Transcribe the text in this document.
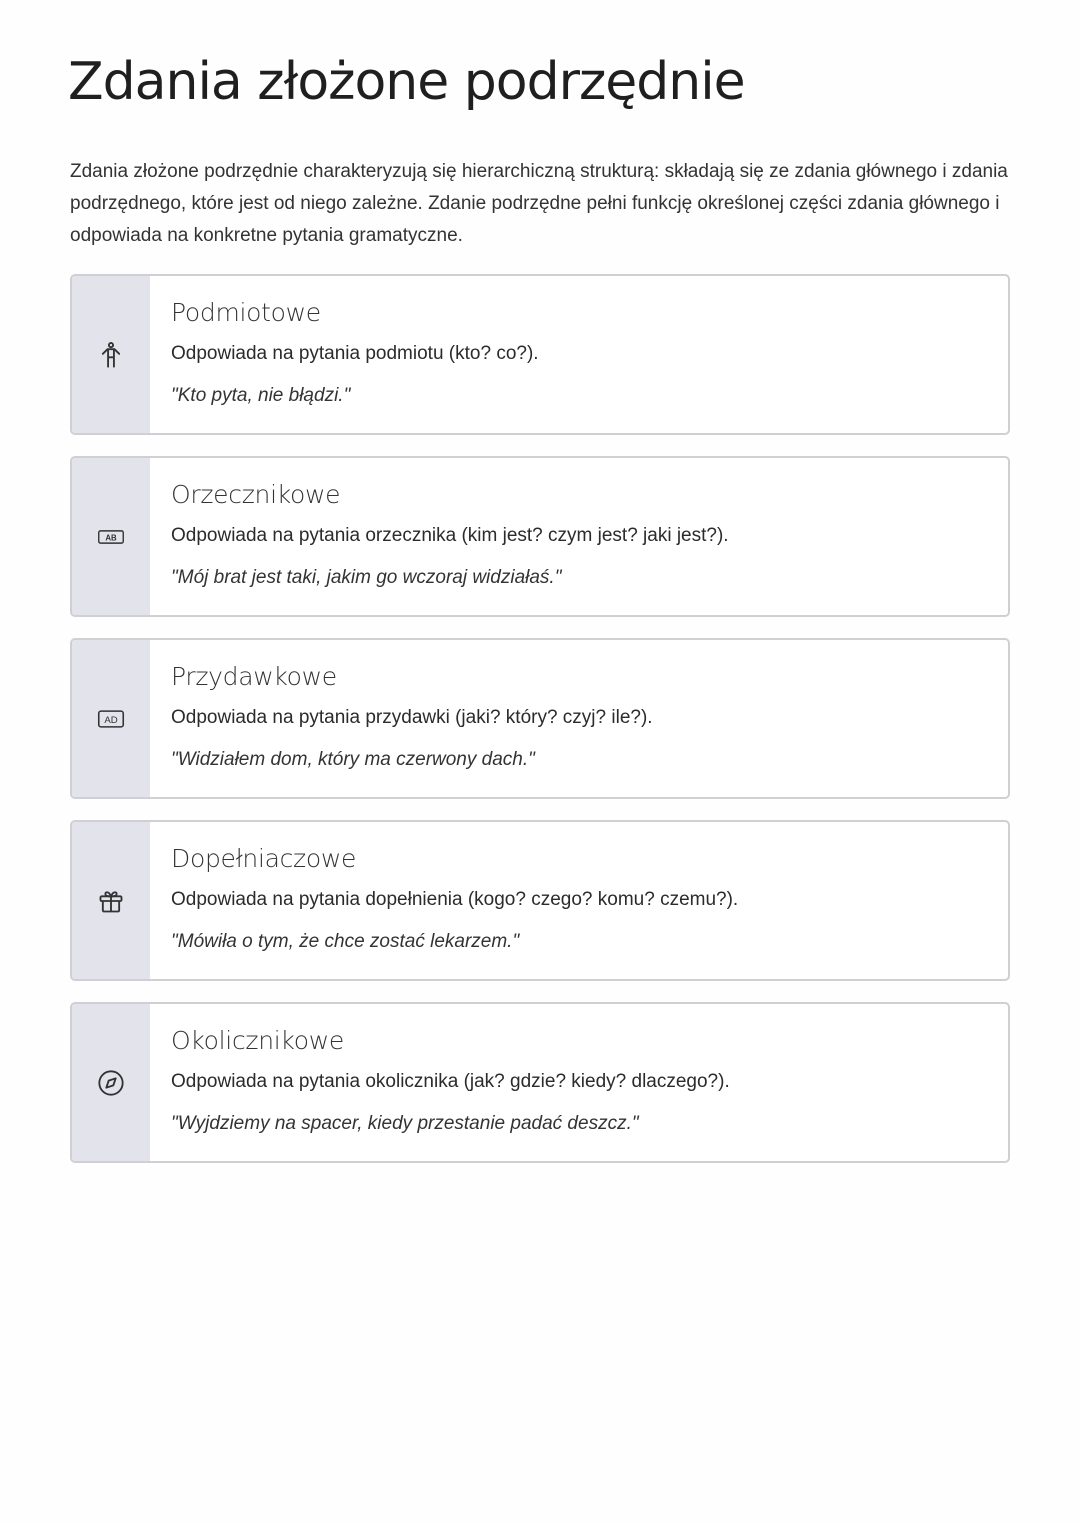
Zdania złożone podrzędnie

Zdania złożone podrzędnie charakteryzują się hierarchiczną strukturą: składają się ze zdania głównego i zdania podrzędnego, które jest od niego zależne. Zdanie podrzędne pełni funkcję określonej części zdania głównego i odpowiada na konkretne pytania gramatyczne.

Podmiotowe
Odpowiada na pytania podmiotu (kto? co?).
"Kto pyta, nie błądzi."
AB
Orzecznikowe
Odpowiada na pytania orzecznika (kim jest? czym jest? jaki jest?).
"Mój brat jest taki, jakim go wczoraj widziałaś."
AD
Przydawkowe
Odpowiada na pytania przydawki (jaki? który? czyj? ile?).
"Widziałem dom, który ma czerwony dach."
Dopełniaczowe
Odpowiada na pytania dopełnienia (kogo? czego? komu? czemu?).
"Mówiła o tym, że chce zostać lekarzem."
Okolicznikowe
Odpowiada na pytania okolicznika (jak? gdzie? kiedy? dlaczego?).
"Wyjdziemy na spacer, kiedy przestanie padać deszcz."
